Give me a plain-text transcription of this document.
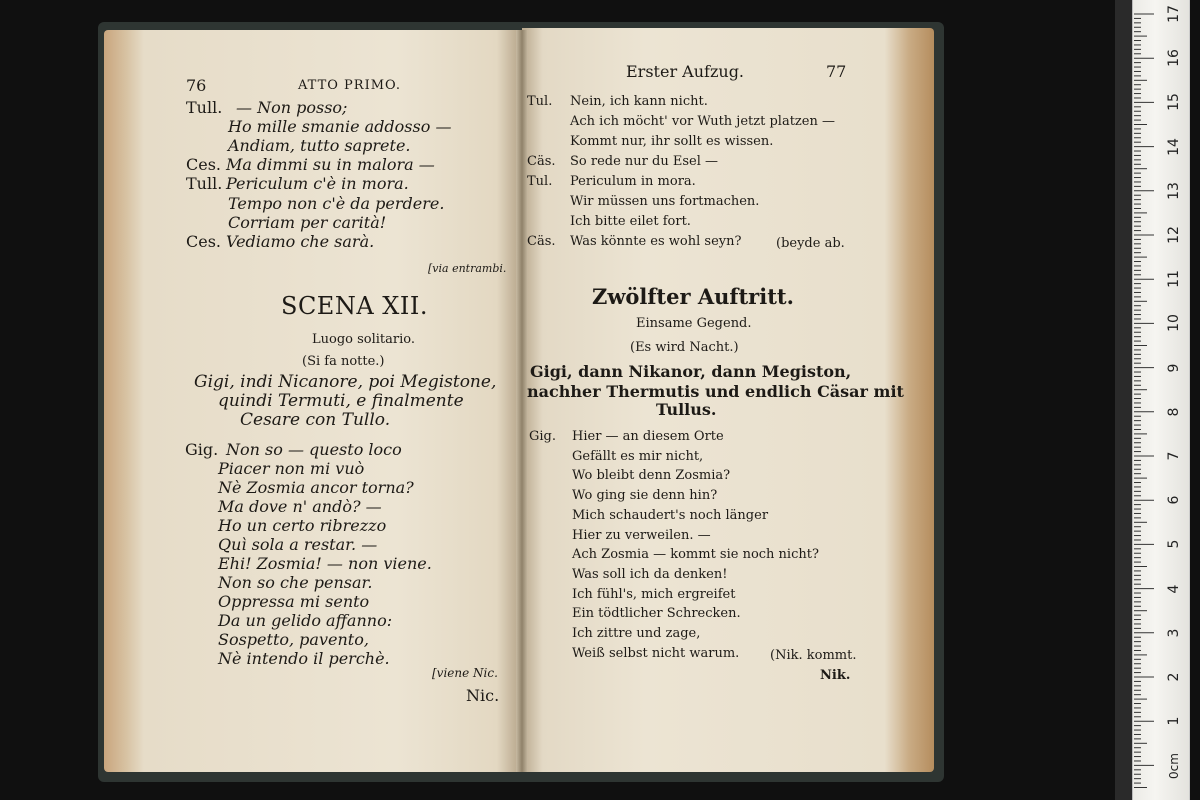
17
16
15
14
13
12
11
10
9
8
7
6
5
4
3
2
1
0cm
76	ATTO PRIMO.
Tull. — Non posso;
Ho mille smanie addosso —
Andiam, tutto saprete.
Ces. Ma dimmi su in malora —
Tull. Periculum c'è in mora.
Tempo non c'è da perdere.
Corriam per carità!
Ces. Vediamo che sarà.
[via entrambi.
SCENA XII.
Luogo solitario.
(Si fa notte.)
Gigi, indi Nicanore, poi Megistone,
quindi Termuti, e finalmente
Cesare con Tullo.
Gig. Non so — questo loco
Piacer non mi vuò
Nè Zosmia ancor torna?
Ma dove n' andò? —
Ho un certo ribrezzo
Quì sola a restar. —
Ehi! Zosmia! — non viene.
Non so che pensar.
Oppressa mi sento
Da un gelido affanno:
Sospetto, pavento,
Nè intendo il perchè.
[viene Nic.
Nic.
Erster Aufzug.	77
Tul. Nein, ich kann nicht.
Ach ich möcht' vor Wuth jetzt platzen —
Kommt nur, ihr sollt es wissen.
Cäs. So rede nur du Esel —
Tul. Periculum in mora.
Wir müssen uns fortmachen.
Ich bitte eilet fort.
Cäs. Was könnte es wohl seyn?	(beyde ab.
Zwölfter Auftritt.
Einsame Gegend.
(Es wird Nacht.)
Gigi, dann Nikanor, dann Megiston,
nachher Thermutis und endlich Cäsar mit
Tullus.
Gig. Hier — an diesem Orte
Gefällt es mir nicht,
Wo bleibt denn Zosmia?
Wo ging sie denn hin?
Mich schaudert's noch länger
Hier zu verweilen. —
Ach Zosmia — kommt sie noch nicht?
Was soll ich da denken!
Ich fühl's, mich ergreifet
Ein tödtlicher Schrecken.
Ich zittre und zage,
Weiß selbst nicht warum. (Nik. kommt.
Nik.
